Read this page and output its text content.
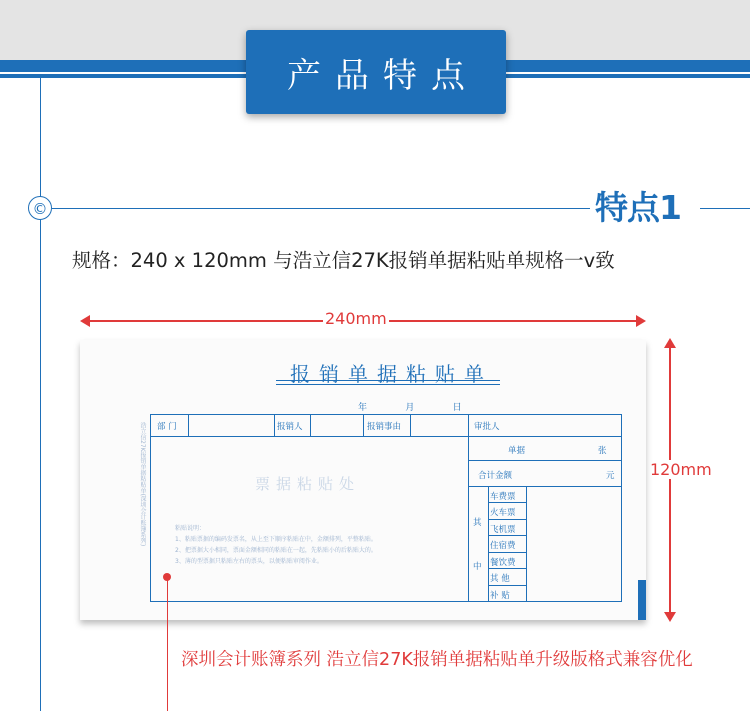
产品特点
©	特点1
规格：240 x 120mm 与浩立信27K报销单据粘贴单规格一v致
240mm
120mm
报销单据粘贴单
年	月	日
浩立信27K报销单据粘贴单(深圳会计账簿系列) 部 门	报销人	报销事由	审批人
单据	张
合计金额	元
其
中
车费票
火车票
飞机票
住宿费
餐饮费
其 他
补 贴
票据粘贴处
粘贴说明：
1、粘贴票据的编码发票名，从上至下顺序粘贴在中，金额排列，平整粘贴。
2、把票据大小相同，票面金额相同的粘贴在一起，先粘贴小的后粘贴大的。
3、薄的型票据只粘贴左右的票头，以便粘贴审阅作业。
深圳会计账簿系列 浩立信27K报销单据粘贴单升级版格式兼容优化
